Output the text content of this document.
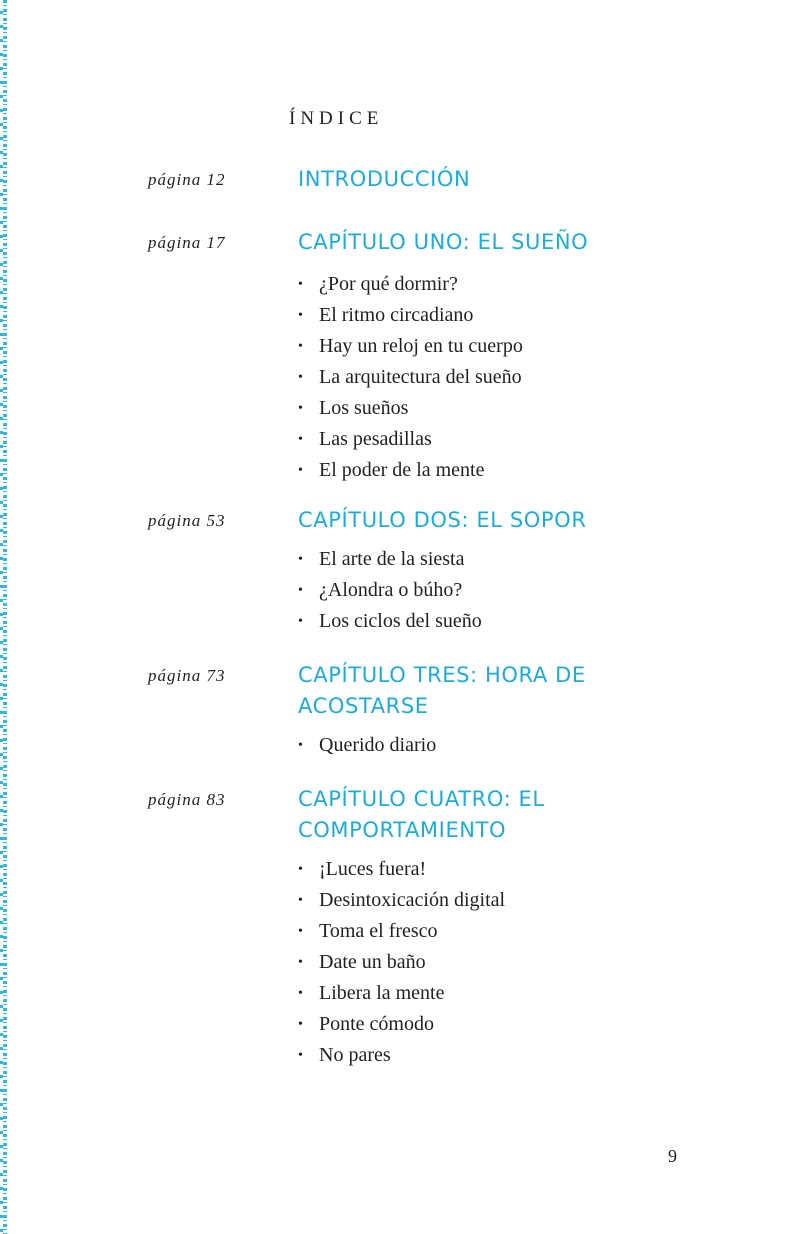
ÍNDICE
página 12	INTRODUCCIÓN
página 17	CAPÍTULO UNO: EL SUEÑO
• ¿Por qué dormir?
• El ritmo circadiano
• Hay un reloj en tu cuerpo
• La arquitectura del sueño
• Los sueños
• Las pesadillas
• El poder de la mente
página 53	CAPÍTULO DOS: EL SOPOR
• El arte de la siesta
• ¿Alondra o búho?
• Los ciclos del sueño
página 73	CAPÍTULO TRES: HORA DE ACOSTARSE
• Querido diario
página 83	CAPÍTULO CUATRO: EL COMPORTAMIENTO
• ¡Luces fuera!
• Desintoxicación digital
• Toma el fresco
• Date un baño
• Libera la mente
• Ponte cómodo
• No pares
9
